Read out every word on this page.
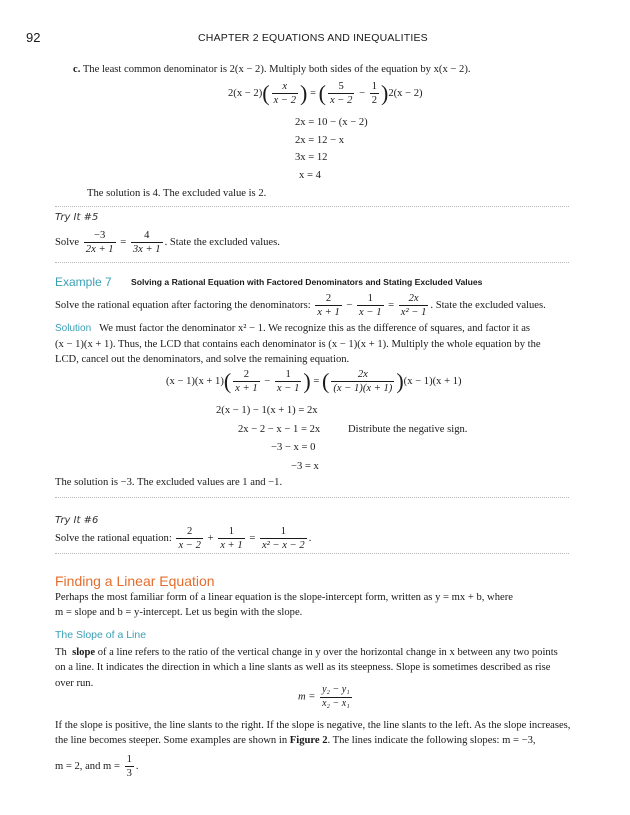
92	CHAPTER 2 EQUATIONS AND INEQUALITIES
c. The least common denominator is 2(x − 2). Multiply both sides of the equation by x(x − 2).
$2(x - 2)( \frac{x}{x - 2}$ ) = ( $\frac{5}{x - 2} - \frac{1}{2} )2(x - 2)$
2x = 10 − (x − 2)
2x = 12 − x
3x = 12
x = 4
The solution is 4. The excluded value is 2.
Try It #5
Solve $\frac{-3}{2x + 1} = \frac{4}{3x + 1}$ . State the excluded values.
Example 7 Solving a Rational Equation with Factored Denominators and Stating Excluded Values
Solve the rational equation after factoring the denominators: $\frac{2}{x + 1} - \frac{1}{x - 1} = \frac{2x}{\text{x² − 1}}$ . State the excluded values.
Solution We must factor the denominator x² − 1. We recognize this as the difference of squares, and factor it as
(x − 1)(x + 1). Thus, the LCD that contains each denominator is (x − 1)(x + 1). Multiply the whole equation by the
LCD, cancel out the denominators, and solve the remaining equation.
$(x - 1)(x + 1)( \frac{2}{x + 1} - \frac{1}{x - 1}$ ) = ( $\frac{2x}{(x - 1)(x + 1)} )(x - 1)(x + 1)$
2(x − 1) − 1(x + 1) = 2x
2x − 2 − x − 1 = 2x	Distribute the negative sign.
−3 − x = 0
−3 = x
The solution is −3. The excluded values are 1 and −1.
Try It #6
Solve the rational equation: $\frac{2}{x - 2} + \frac{1}{x + 1} = \frac{1}{\text{x² − x − 2}}$ .
Finding a Linear Equation
Perhaps the most familiar form of a linear equation is the slope-intercept form, written as y = mx + b, where
m = slope and b = y-intercept. Let us begin with the slope.
The Slope of a Line
Th slope of a line refers to the ratio of the vertical change in y over the horizontal change in x between any two points
on a line. It indicates the direction in which a line slants as well as its steepness. Slope is sometimes described as rise
over run.
$m = \frac{\text{y₂ − y₁}}{\text{x₂ − x₁}}$
If the slope is positive, the line slants to the right. If the slope is negative, the line slants to the left. As the slope increases,
the line becomes steeper. Some examples are shown in Figure 2. The lines indicate the following slopes: m = −3,
m = 2, and $m = \frac{1}{3}$ .
